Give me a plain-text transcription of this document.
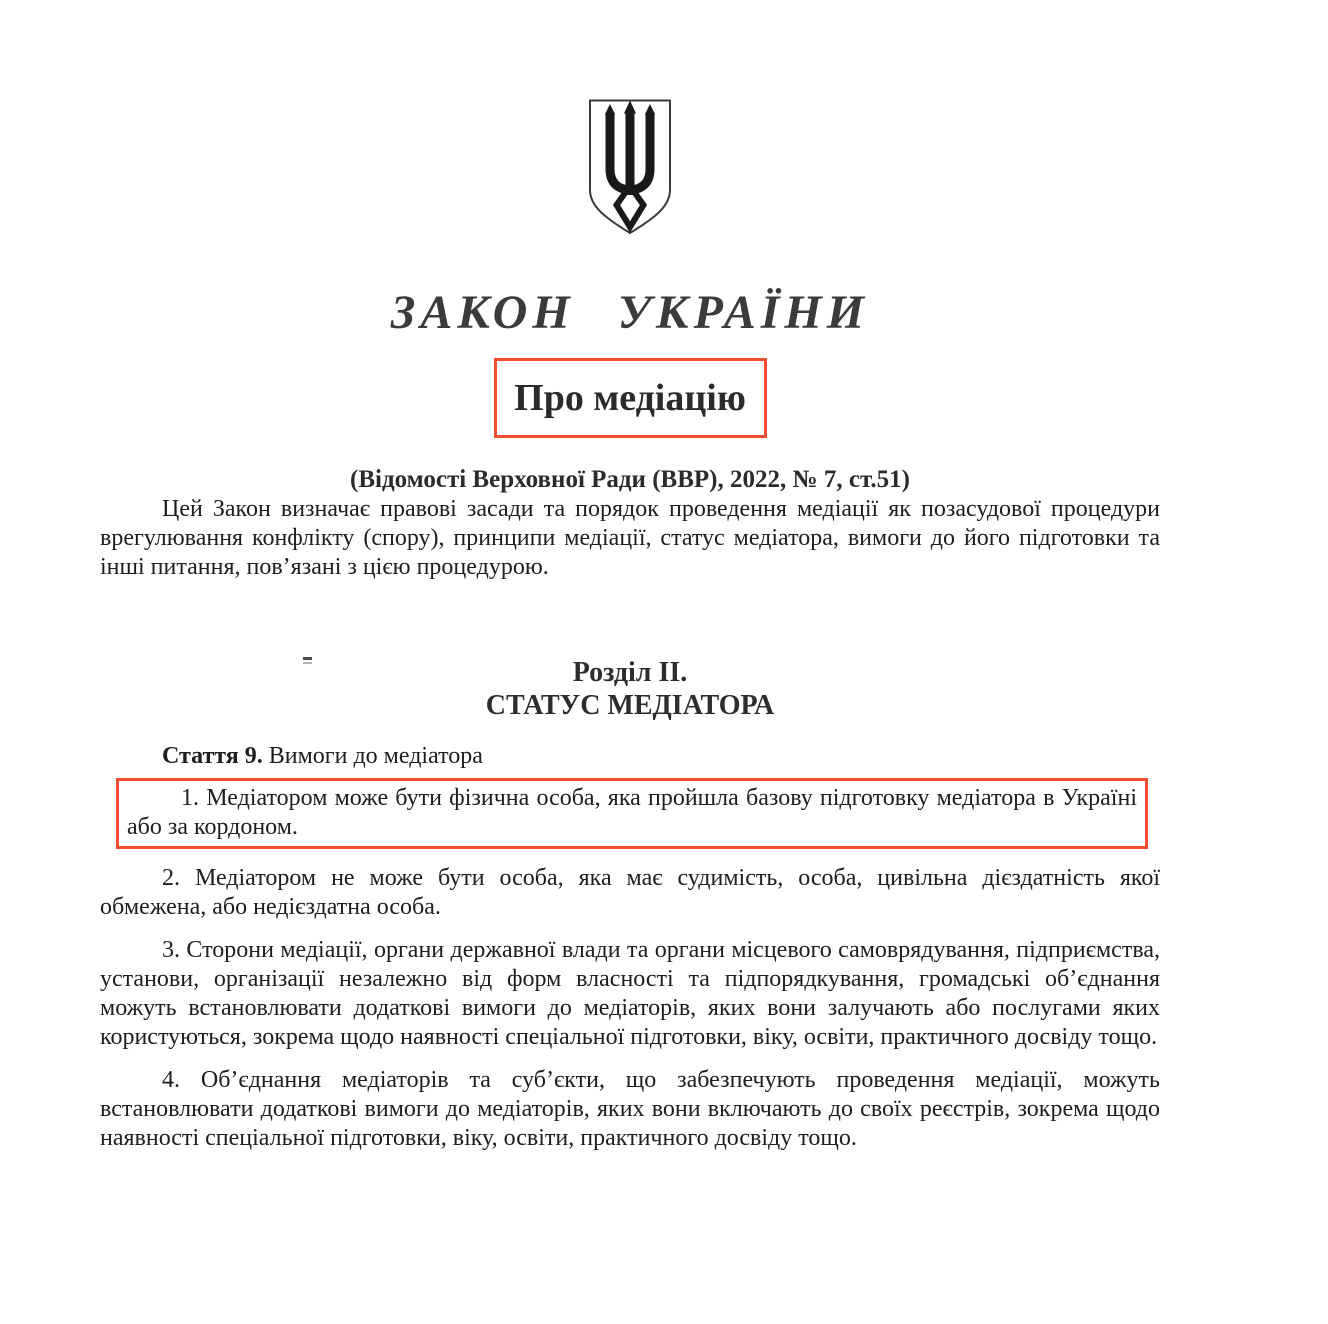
ЗАКОН УКРАЇНИ
Про медіацію
(Відомості Верховної Ради (ВВР), 2022, № 7, ст.51)

Цей Закон визначає правові засади та порядок проведення медіації як позасудової процедури врегулювання конфлікту (спору), принципи медіації, статус медіатора, вимоги до його підготовки та інші питання, пов’язані з цією процедурою.

Розділ II.
СТАТУС МЕДІАТОРА
Стаття 9. Вимоги до медіатора

1. Медіатором може бути фізична особа, яка пройшла базову підготовку медіатора в Україні або за кордоном.

2. Медіатором не може бути особа, яка має судимість, особа, цивільна дієздатність якої обмежена, або недієздатна особа.

3. Сторони медіації, органи державної влади та органи місцевого самоврядування, підприємства, установи, організації незалежно від форм власності та підпорядкування, громадські об’єднання можуть встановлювати додаткові вимоги до медіаторів, яких вони залучають або послугами яких користуються, зокрема щодо наявності спеціальної підготовки, віку, освіти, практичного досвіду тощо.

4. Об’єднання медіаторів та суб’єкти, що забезпечують проведення медіації, можуть встановлювати додаткові вимоги до медіаторів, яких вони включають до своїх реєстрів, зокрема щодо наявності спеціальної підготовки, віку, освіти, практичного досвіду тощо.
